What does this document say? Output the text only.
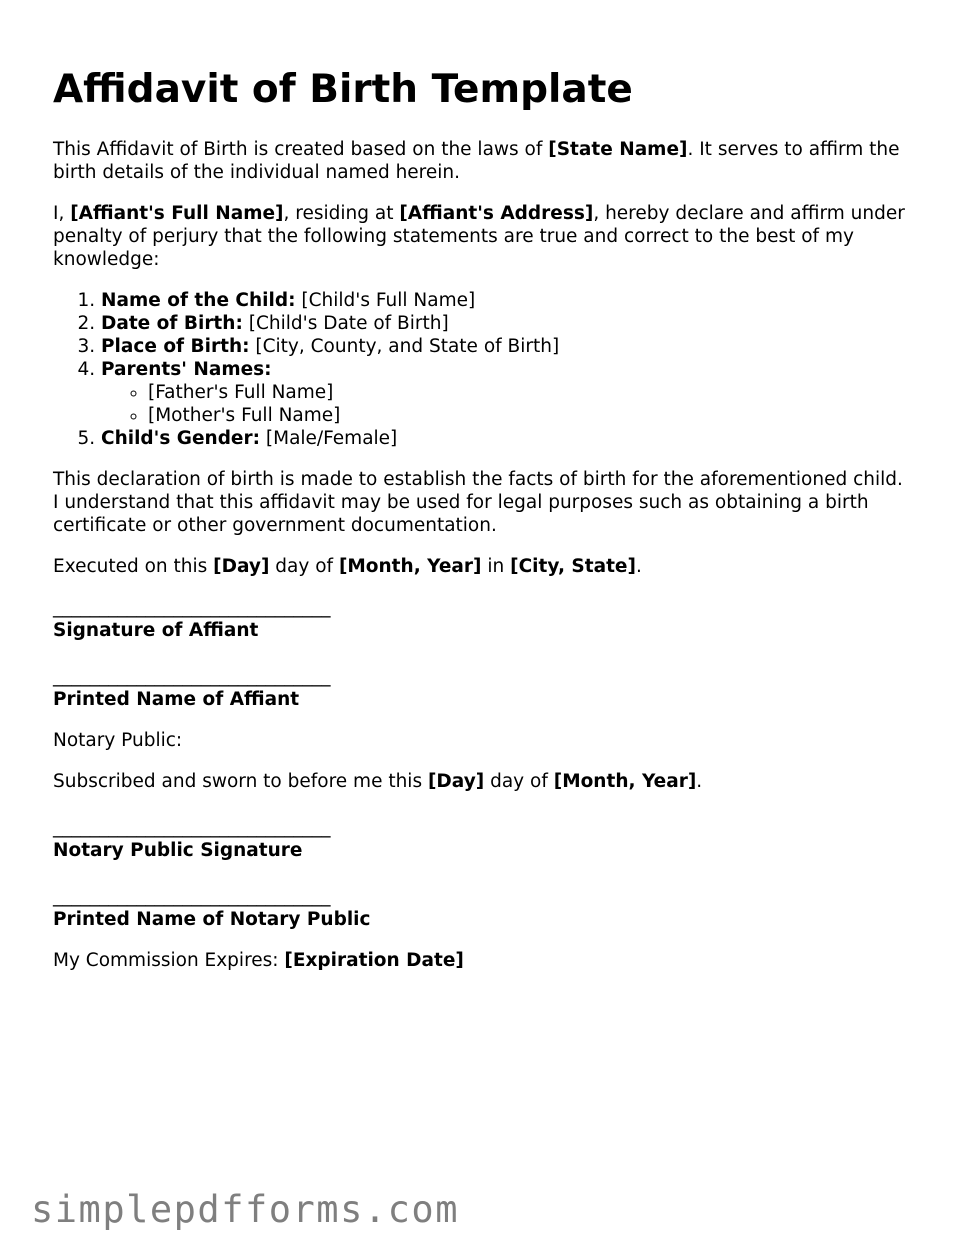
Affidavit of Birth Template

This Affidavit of Birth is created based on the laws of [State Name]. It serves to affirm the birth details of the individual named herein.

I, [Affiant's Full Name], residing at [Affiant's Address], hereby declare and affirm under penalty of perjury that the following statements are true and correct to the best of my knowledge:

1. Name of the Child: [Child's Full Name]
2. Date of Birth: [Child's Date of Birth]
3. Place of Birth: [City, County, and State of Birth]
4. Parents' Names:
◦ [Father's Full Name]
◦ [Mother's Full Name]
5. Child's Gender: [Male/Female]

This declaration of birth is made to establish the facts of birth for the aforementioned child. I understand that this affidavit may be used for legal purposes such as obtaining a birth certificate or other government documentation.

Executed on this [Day] day of [Month, Year] in [City, State].

______________________________
Signature of Affiant
______________________________
Printed Name of Affiant

Notary Public:

Subscribed and sworn to before me this [Day] day of [Month, Year].

______________________________
Notary Public Signature
______________________________
Printed Name of Notary Public

My Commission Expires: [Expiration Date]

simplepdfforms.com
